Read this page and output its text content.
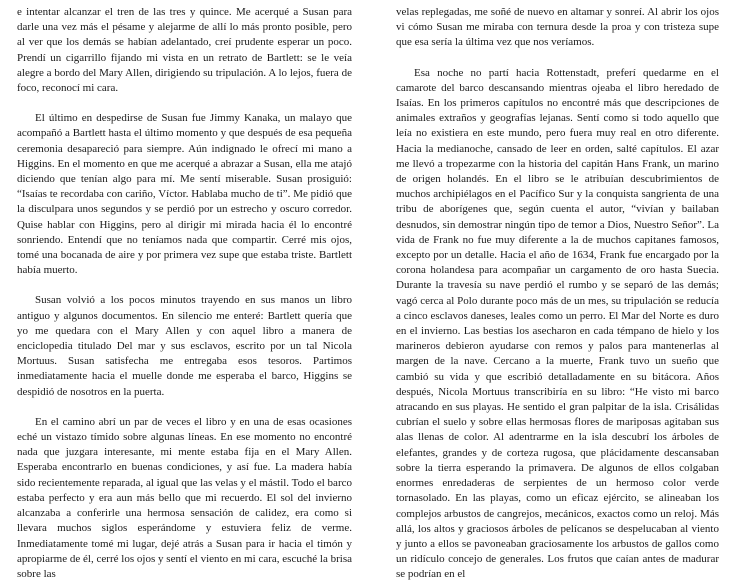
e intentar alcanzar el tren de las tres y quince. Me acerqué a Susan para darle una vez más el pésame y alejarme de allí lo más pronto posible, pero al ver que los demás se habían adelantado, creí prudente esperar un poco. Prendí un cigarrillo fijando mi vista en un retrato de Bartlett: se le veía alegre a bordo del Mary Allen, dirigiendo su tripulación. A lo lejos, fuera de foco, reconocí mi cara.

El último en despedirse de Susan fue Jimmy Kanaka, un malayo que acompañó a Bartlett hasta el último momento y que después de esa pequeña ceremonia desapareció para siempre. Aún indignado le ofrecí mi mano a Higgins. En el momento en que me acerqué a abrazar a Susan, ella me atajó diciendo que tenían algo para mí. Me sentí miserable. Susan prosiguió: “Isaías te recordaba con cariño, Víctor. Hablaba mucho de ti”. Me pidió que la disculpara unos segundos y se perdió por un estrecho y oscuro corredor. Quise hablar con Higgins, pero al dirigir mi mirada hacia él lo encontré sonriendo. Entendí que no teníamos nada que compartir. Cerré mis ojos, tomé una bocanada de aire y por primera vez supe que estaba triste. Bartlett había muerto.

Susan volvió a los pocos minutos trayendo en sus manos un libro antiguo y algunos documentos. En silencio me enteré: Bartlett quería que yo me quedara con el Mary Allen y con aquel libro a manera de enciclopedia titulado Del mar y sus esclavos, escrito por un tal Nicola Mortuus. Susan satisfecha me entregaba esos tesoros. Partimos inmediatamente hacia el muelle donde me esperaba el barco, Higgins se despidió de nosotros en la puerta.

En el camino abrí un par de veces el libro y en una de esas ocasiones eché un vistazo tímido sobre algunas líneas. En ese momento no encontré nada que juzgara interesante, mi mente estaba fija en el Mary Allen. Esperaba encontrarlo en buenas condiciones, y así fue. La madera había sido recientemente reparada, al igual que las velas y el mástil. Todo el barco estaba perfecto y era aun más bello que mi recuerdo. El sol del invierno alcanzaba a conferirle una hermosa sensación de calidez, era como si llevara muchos siglos esperándome y estuviera feliz de verme. Inmediatamente tomé mi lugar, dejé atrás a Susan para ir hacia el timón y apropiarme de él, cerré los ojos y sentí el viento en mi cara, escuché la brisa sobre las

velas replegadas, me soñé de nuevo en altamar y sonreí. Al abrir los ojos vi cómo Susan me miraba con ternura desde la proa y con tristeza supe que esa sería la última vez que nos veríamos.

Esa noche no partí hacia Rottenstadt, preferí quedarme en el camarote del barco descansando mientras ojeaba el libro heredado de Isaías. En los primeros capítulos no encontré más que descripciones de animales extraños y geografías lejanas. Sentí como si todo aquello que leía no existiera en este mundo, pero fuera muy real en otro diferente. Hacia la medianoche, cansado de leer en orden, salté capítulos. El azar me llevó a tropezarme con la historia del capitán Hans Frank, un marino de origen holandés. En el libro se le atribuían descubrimientos de muchos archipiélagos en el Pacífico Sur y la conquista sangrienta de una tribu de aborígenes que, según cuenta el autor, “vivían y bailaban desnudos, sin demostrar ningún tipo de temor a Dios, Nuestro Señor”. La vida de Frank no fue muy diferente a la de muchos capitanes famosos, excepto por un detalle. Hacia el año de 1634, Frank fue encargado por la corona holandesa para acompañar un cargamento de oro hasta Suecia. Durante la travesía su nave perdió el rumbo y se separó de las demás; vagó cerca al Polo durante poco más de un mes, su tripulación se reducía a cinco esclavos daneses, leales como un perro. El Mar del Norte es duro en el invierno. Las bestias los asecharon en cada témpano de hielo y los marineros debieron ayudarse con remos y palos para mantenerlas al margen de la nave. Cercano a la muerte, Frank tuvo un sueño que cambió su vida y que escribió detalladamente en su bitácora. Años después, Nicola Mortuus transcribiría en su libro: “He visto mi barco atracando en sus playas. He sentido el gran palpitar de la isla. Crisálidas cubrían el suelo y sobre ellas hermosas flores de mariposas agitaban sus alas llenas de color. Al adentrarme en la isla descubrí los árboles de elefantes, grandes y de corteza rugosa, que plácidamente descansaban sobre la tierra esperando la primavera. De algunos de ellos colgaban enormes enredaderas de serpientes de un hermoso color verde tornasolado. En las playas, como un eficaz ejército, se alineaban los complejos arbustos de cangrejos, mecánicos, exactos como un reloj. Más allá, los altos y graciosos árboles de pelícanos se despelucaban al viento y junto a ellos se pavoneaban graciosamente los arbustos de gallos como un ridículo concejo de generales. Los frutos que caían antes de madurar se podrían en el
